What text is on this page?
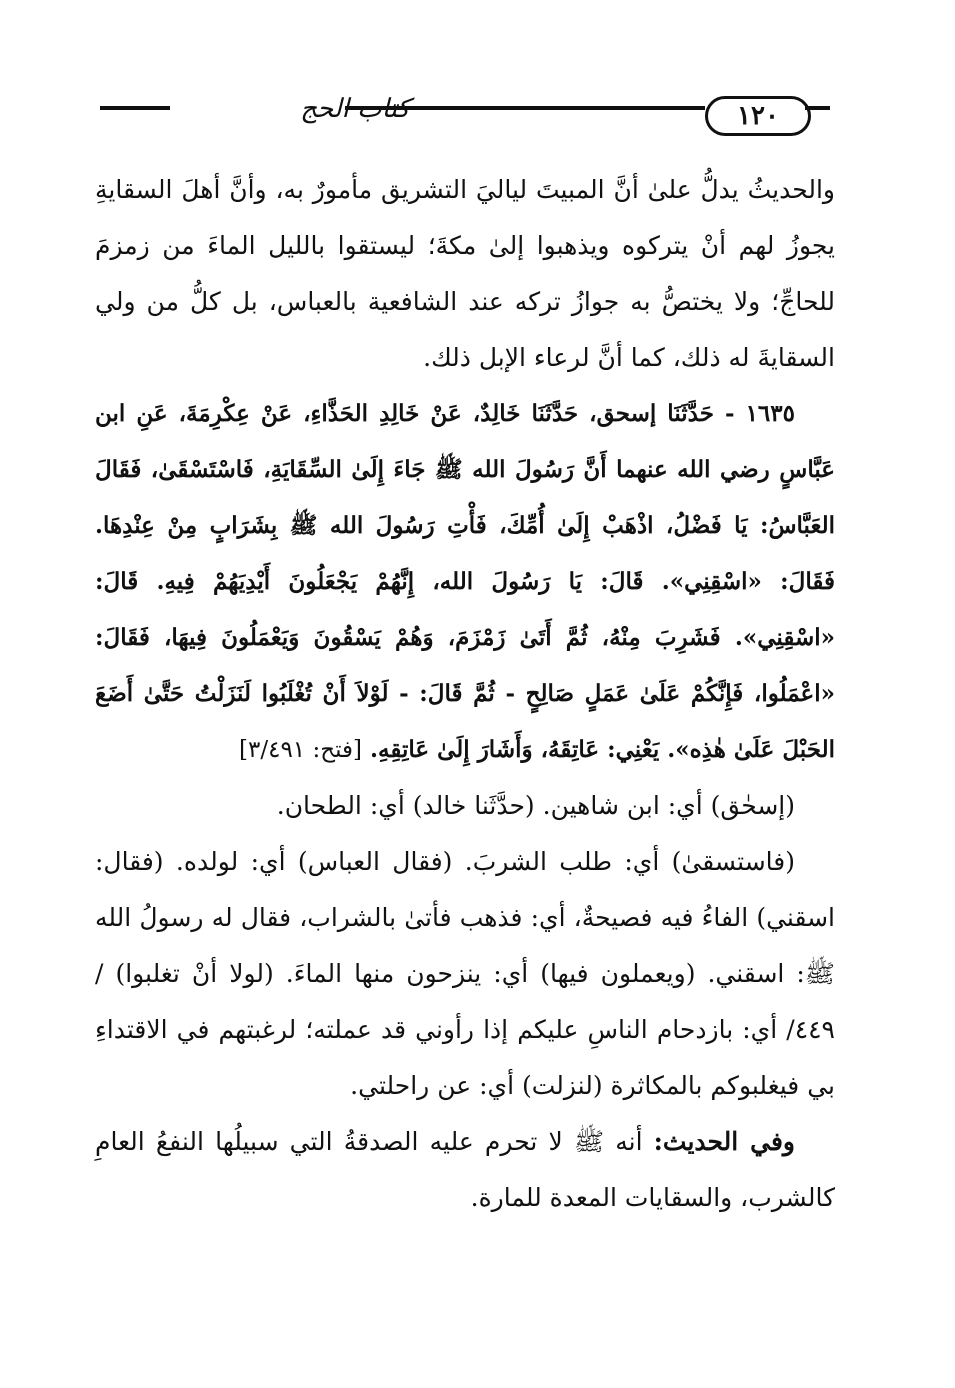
كتاب الحج	١٢٠

والحديثُ يدلُّ علىٰ أنَّ المبيتَ لياليَ التشريق مأمورٌ به، وأنَّ أهلَ السقايةِ يجوزُ لهم أنْ يتركوه ويذهبوا إلىٰ مكةَ؛ ليستقوا بالليل الماءَ من زمزمَ للحاجِّ؛ ولا يختصُّ به جوازُ تركه عند الشافعية بالعباس، بل كلُّ من ولي السقايةَ له ذلك، كما أنَّ لرعاء الإبل ذلك.

١٦٣٥ - حَدَّثَنَا إسحق، حَدَّثَنَا خَالِدٌ، عَنْ خَالِدِ الحَذَّاءِ، عَنْ عِكْرِمَةَ، عَنِ ابن عَبَّاسٍ رضي الله عنهما أَنَّ رَسُولَ الله ﷺ جَاءَ إِلَىٰ السِّقَايَةِ، فَاسْتَسْقَىٰ، فَقَالَ العَبَّاسُ: يَا فَضْلُ، اذْهَبْ إِلَىٰ أُمِّكَ، فَأْتِ رَسُولَ الله ﷺ بِشَرَابٍ مِنْ عِنْدِهَا. فَقَالَ: «اسْقِنِي». قَالَ: يَا رَسُولَ الله، إِنَّهُمْ يَجْعَلُونَ أَيْدِيَهُمْ فِيهِ. قَالَ: «اسْقِنِي». فَشَرِبَ مِنْهُ، ثُمَّ أَتَىٰ زَمْزَمَ، وَهُمْ يَسْقُونَ وَيَعْمَلُونَ فِيهَا، فَقَالَ: «اعْمَلُوا، فَإِنَّكُمْ عَلَىٰ عَمَلٍ صَالِحٍ - ثُمَّ قَالَ: - لَوْلاَ أَنْ تُغْلَبُوا لَنَزَلْتُ حَتَّىٰ أَضَعَ الحَبْلَ عَلَىٰ هٰذِه». يَعْنِي: عَاتِقَهُ، وَأَشَارَ إِلَىٰ عَاتِقِهِ. [فتح: ٣/٤٩١]

(إسحٰق) أي: ابن شاهين. (حدَّثَنا خالد) أي: الطحان.

(فاستسقىٰ) أي: طلب الشربَ. (فقال العباس) أي: لولده. (فقال: اسقني) الفاءُ فيه فصيحةٌ، أي: فذهب فأتىٰ بالشراب، فقال له رسولُ الله ﷺ: اسقني. (ويعملون فيها) أي: ينزحون منها الماءَ. (لولا أنْ تغلبوا) /٤٤٩/ أي: بازدحام الناسِ عليكم إذا رأوني قد عملته؛ لرغبتهم في الاقتداءِ بي فيغلبوكم بالمكاثرة (لنزلت) أي: عن راحلتي.

وفي الحديث: أنه ﷺ لا تحرم عليه الصدقةُ التي سبيلُها النفعُ العامِ كالشرب، والسقايات المعدة للمارة.
